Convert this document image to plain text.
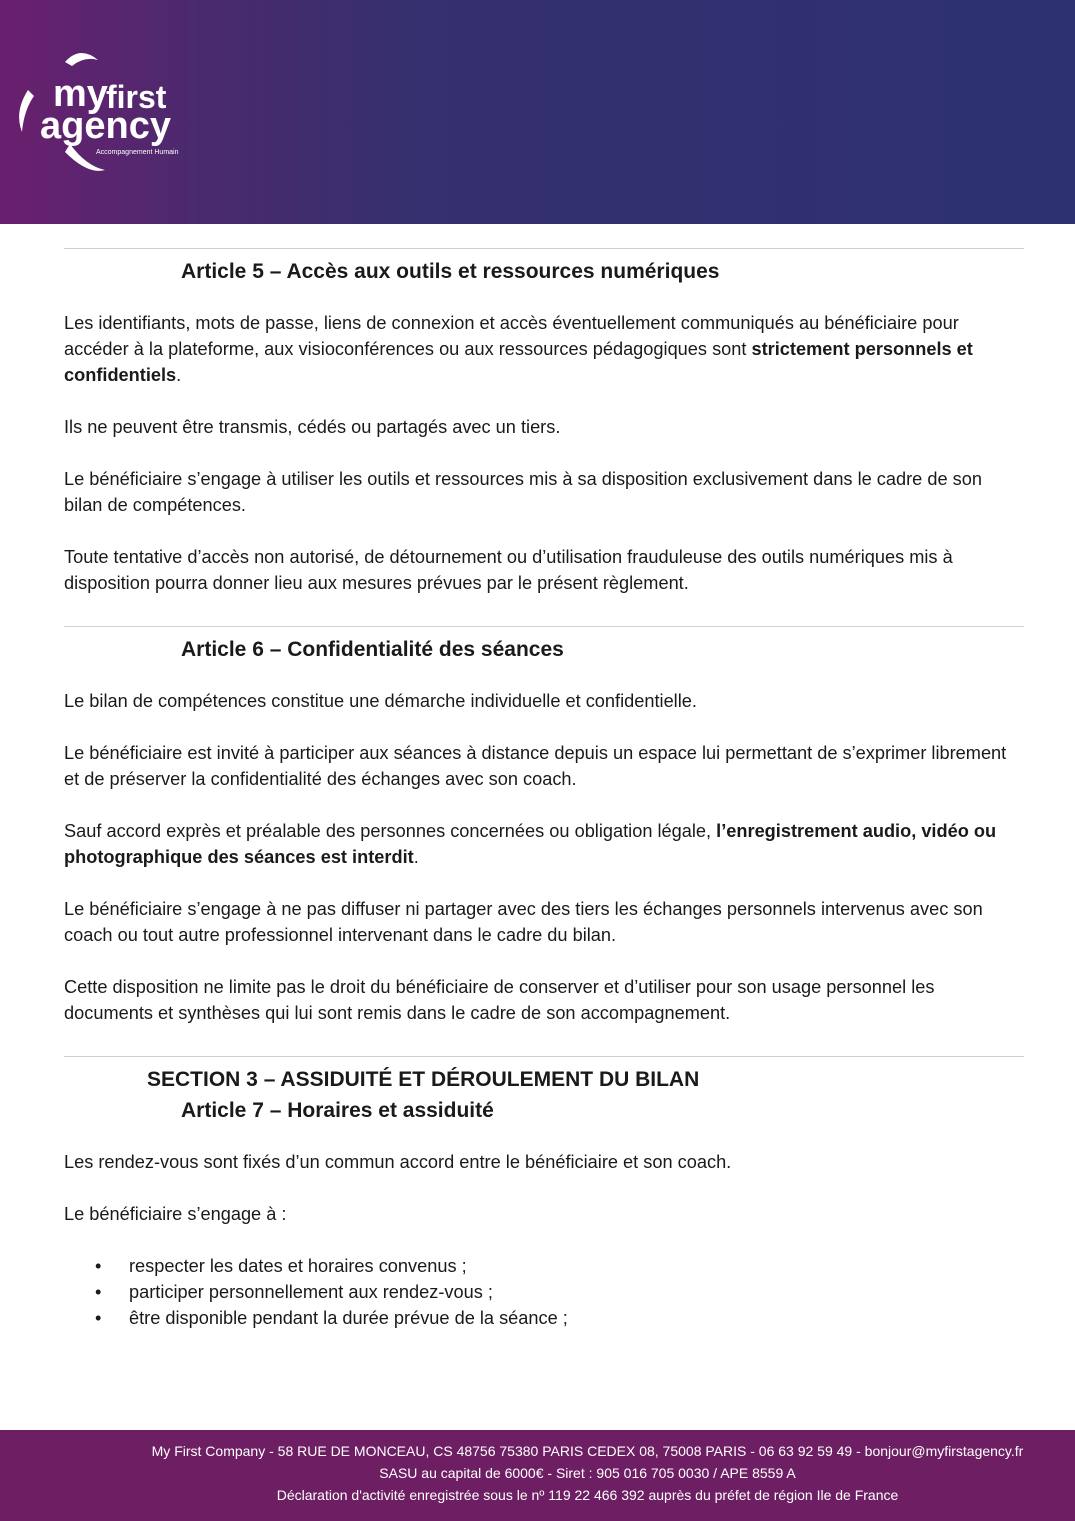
my
first
agency
Accompagnement Humain
Article 5 – Accès aux outils et ressources numériques

Les identifiants, mots de passe, liens de connexion et accès éventuellement communiqués au bénéficiaire pour accéder à la plateforme, aux visioconférences ou aux ressources pédagogiques sont strictement personnels et confidentiels.

Ils ne peuvent être transmis, cédés ou partagés avec un tiers.

Le bénéficiaire s’engage à utiliser les outils et ressources mis à sa disposition exclusivement dans le cadre de son bilan de compétences.

Toute tentative d’accès non autorisé, de détournement ou d’utilisation frauduleuse des outils numériques mis à disposition pourra donner lieu aux mesures prévues par le présent règlement.

Article 6 – Confidentialité des séances

Le bilan de compétences constitue une démarche individuelle et confidentielle.

Le bénéficiaire est invité à participer aux séances à distance depuis un espace lui permettant de s’exprimer librement et de préserver la confidentialité des échanges avec son coach.

Sauf accord exprès et préalable des personnes concernées ou obligation légale, l’enregistrement audio, vidéo ou photographique des séances est interdit.

Le bénéficiaire s’engage à ne pas diffuser ni partager avec des tiers les échanges personnels intervenus avec son coach ou tout autre professionnel intervenant dans le cadre du bilan.

Cette disposition ne limite pas le droit du bénéficiaire de conserver et d’utiliser pour son usage personnel les documents et synthèses qui lui sont remis dans le cadre de son accompagnement.

SECTION 3 – ASSIDUITÉ ET DÉROULEMENT DU BILAN
Article 7 – Horaires et assiduité

Les rendez-vous sont fixés d’un commun accord entre le bénéficiaire et son coach.

Le bénéficiaire s’engage à :

• respecter les dates et horaires convenus ;
• participer personnellement aux rendez-vous ;
• être disponible pendant la durée prévue de la séance ;
My First Company - 58 RUE DE MONCEAU, CS 48756 75380 PARIS CEDEX 08, 75008 PARIS - 06 63 92 59 49 - bonjour@myfirstagency.fr
SASU au capital de 6000€ - Siret : 905 016 705 0030 / APE 8559 A
Déclaration d'activité enregistrée sous le nº 119 22 466 392 auprès du préfet de région Ile de France
